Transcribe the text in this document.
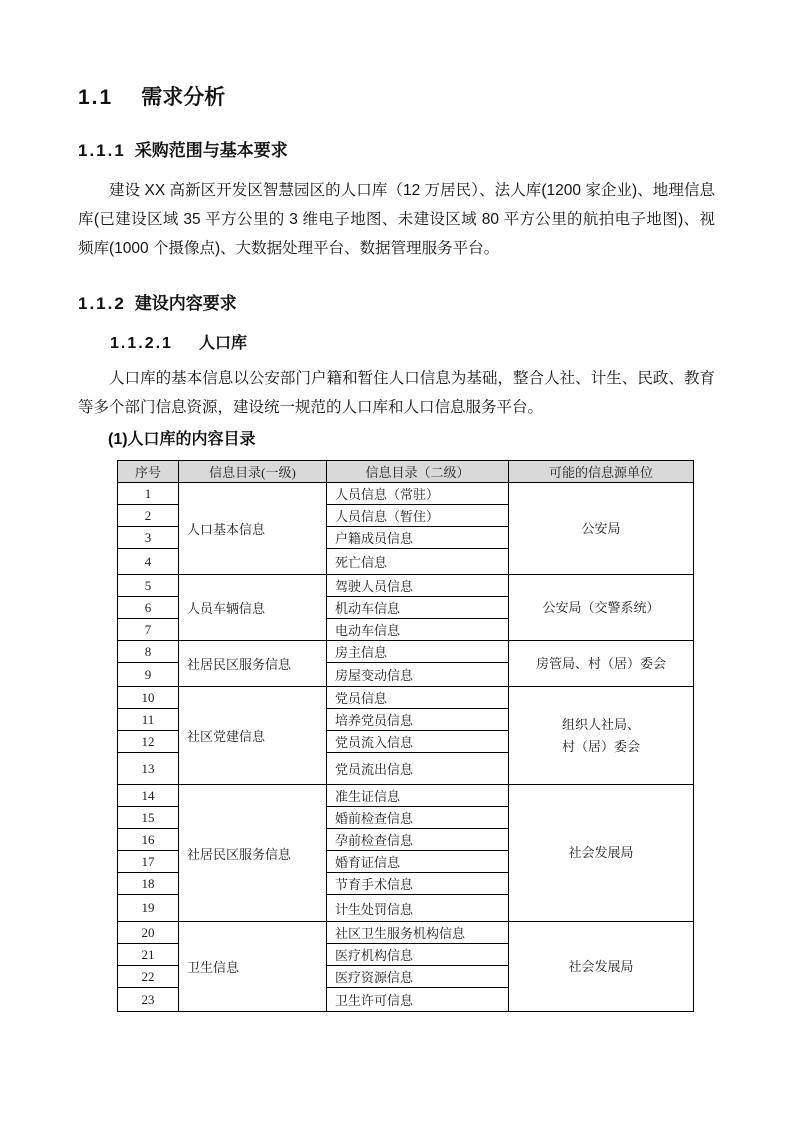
1.1 需求分析
1.1.1 采购范围与基本要求

建设 XX 高新区开发区智慧园区的人口库（12 万居民）、法人库(1200 家企业)、地理信息库(已建设区域 35 平方公里的 3 维电子地图、未建设区域 80 平方公里的航拍电子地图)、视频库(1000 个摄像点)、大数据处理平台、数据管理服务平台。

1.1.2 建设内容要求
1.1.2.1 人口库

人口库的基本信息以公安部门户籍和暂住人口信息为基础，整合人社、计生、民政、教育等多个部门信息资源，建设统一规范的人口库和人口信息服务平台。

(1)人口库的内容目录
序号	信息目录(一级)	信息目录（二级）	可能的信息源单位
1	人口基本信息	人员信息（常驻）	公安局
2		人员信息（暂住）	
3		户籍成员信息	
4		死亡信息	
5	人员车辆信息	驾驶人员信息	公安局（交警系统）
6		机动车信息	
7		电动车信息	
8	社居民区服务信息	房主信息	房管局、村（居）委会
9		房屋变动信息	
10	社区党建信息	党员信息	组织人社局、
村（居）委会
11		培养党员信息	
12		党员流入信息	
13		党员流出信息	
14	社居民区服务信息	准生证信息	社会发展局
15		婚前检查信息	
16		孕前检查信息	
17		婚育证信息	
18		节育手术信息	
19		计生处罚信息	
20	卫生信息	社区卫生服务机构信息	社会发展局
21		医疗机构信息	
22		医疗资源信息	
23		卫生许可信息	
